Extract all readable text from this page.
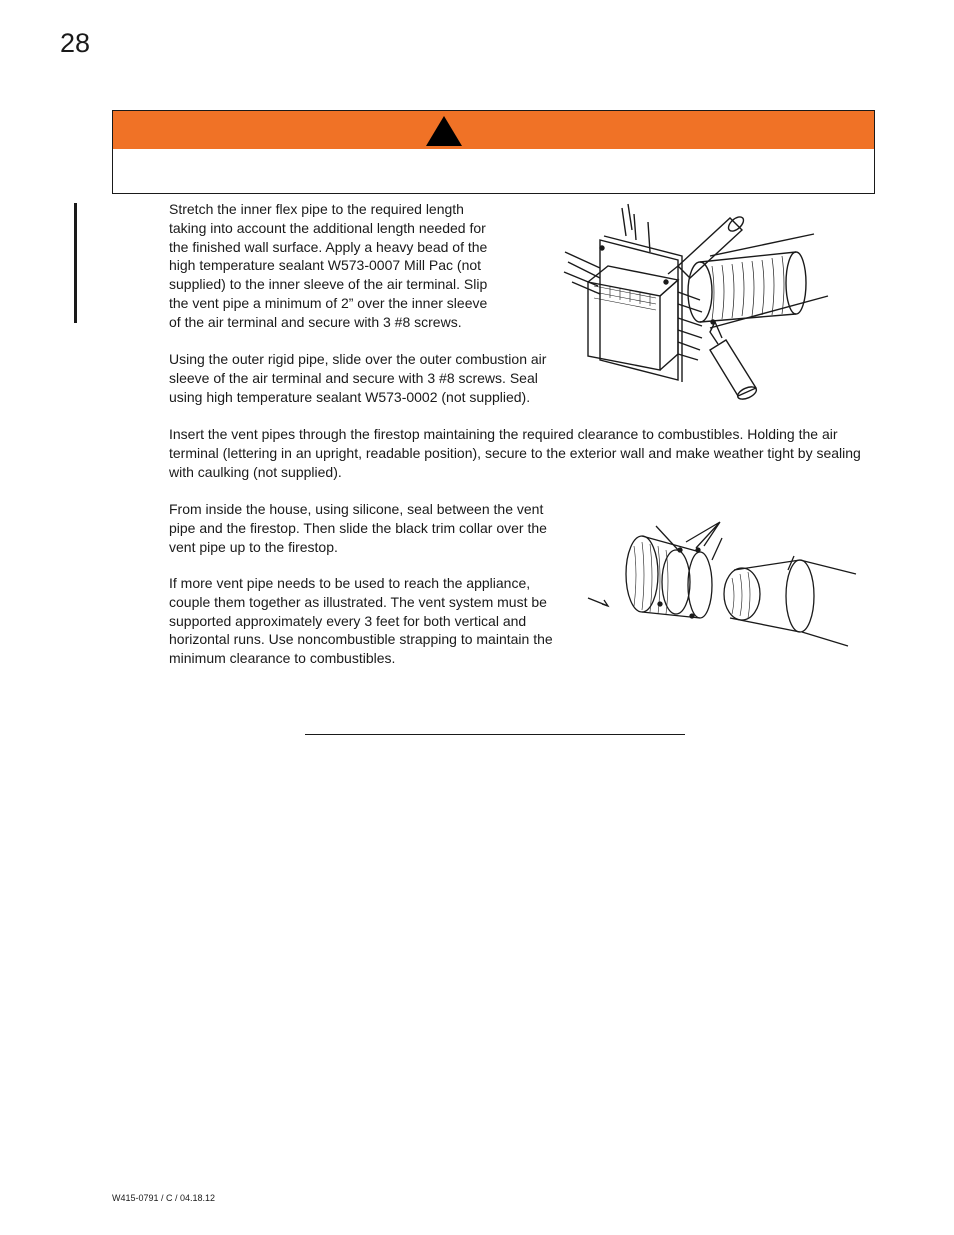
28

Stretch the inner flex pipe to the required length taking into account the additional length needed for the finished wall surface. Apply a heavy bead of the high temperature sealant W573-0007 Mill Pac (not supplied) to the inner sleeve of the air terminal. Slip the vent pipe a minimum of 2” over the inner sleeve of the air terminal and secure with 3 #8 screws.

Using the outer rigid pipe, slide over the outer combustion air sleeve of the air terminal and secure with 3 #8 screws. Seal using high temperature sealant W573-0002 (not supplied).

Insert the vent pipes through the firestop maintaining the required clearance to combustibles. Holding the air terminal (lettering in an upright, readable position), secure to the exterior wall and make weather tight by sealing with caulking (not supplied).

From inside the house, using silicone, seal between the vent pipe and the firestop. Then slide the black trim collar over the vent pipe up to the firestop.

If more vent pipe needs to be used to reach the appliance, couple them together as illustrated. The vent system must be supported approximately every 3 feet for both vertical and horizontal runs. Use noncombustible strapping to maintain the minimum clearance to combustibles.

W415-0791 / C / 04.18.12
